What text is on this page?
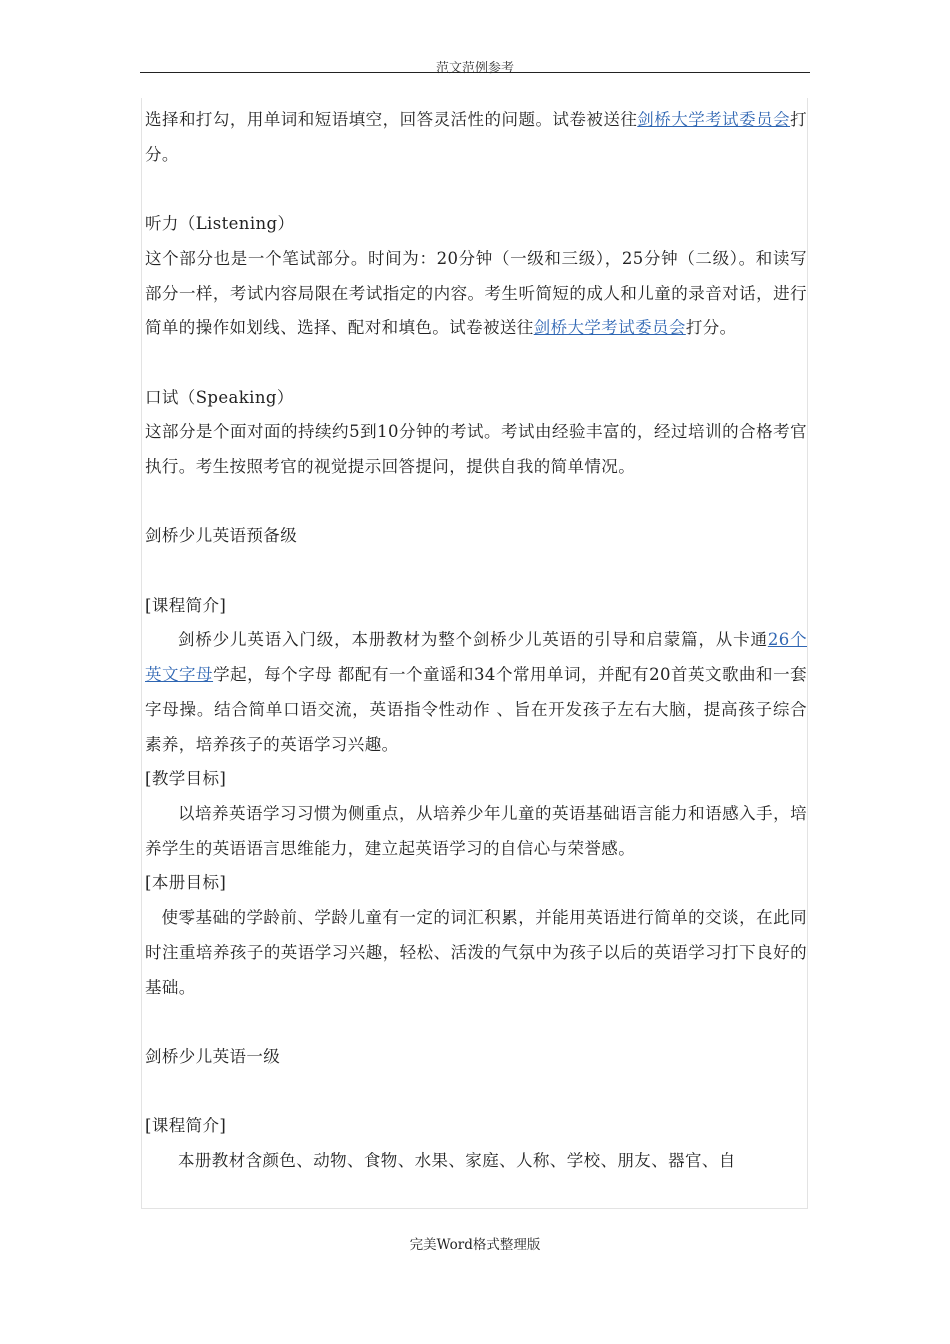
范文范例参考

选择和打勾，用单词和短语填空，回答灵活性的问题。试卷被送往剑桥大学考试委员会打分。

听力（Listening）

这个部分也是一个笔试部分。时间为：20分钟（一级和三级），25分钟（二级）。和读写部分一样，考试内容局限在考试指定的内容。考生听简短的成人和儿童的录音对话，进行简单的操作如划线、选择、配对和填色。试卷被送往剑桥大学考试委员会打分。

口试（Speaking）

这部分是个面对面的持续约5到10分钟的考试。考试由经验丰富的，经过培训的合格考官执行。考生按照考官的视觉提示回答提问，提供自我的简单情况。

剑桥少儿英语预备级

[课程简介]

剑桥少儿英语入门级，本册教材为整个剑桥少儿英语的引导和启蒙篇，从卡通26个英文字母学起，每个字母 都配有一个童谣和34个常用单词，并配有20首英文歌曲和一套字母操。结合简单口语交流，英语指令性动作 、旨在开发孩子左右大脑，提高孩子综合素养，培养孩子的英语学习兴趣。

[教学目标]

以培养英语学习习惯为侧重点，从培养少年儿童的英语基础语言能力和语感入手，培养学生的英语语言思维能力，建立起英语学习的自信心与荣誉感。

[本册目标]

使零基础的学龄前、学龄儿童有一定的词汇积累，并能用英语进行简单的交谈，在此同时注重培养孩子的英语学习兴趣，轻松、活泼的气氛中为孩子以后的英语学习打下良好的基础。

剑桥少儿英语一级

[课程简介]

本册教材含颜色、动物、食物、水果、家庭、人称、学校、朋友、器官、自

完美Word格式整理版
